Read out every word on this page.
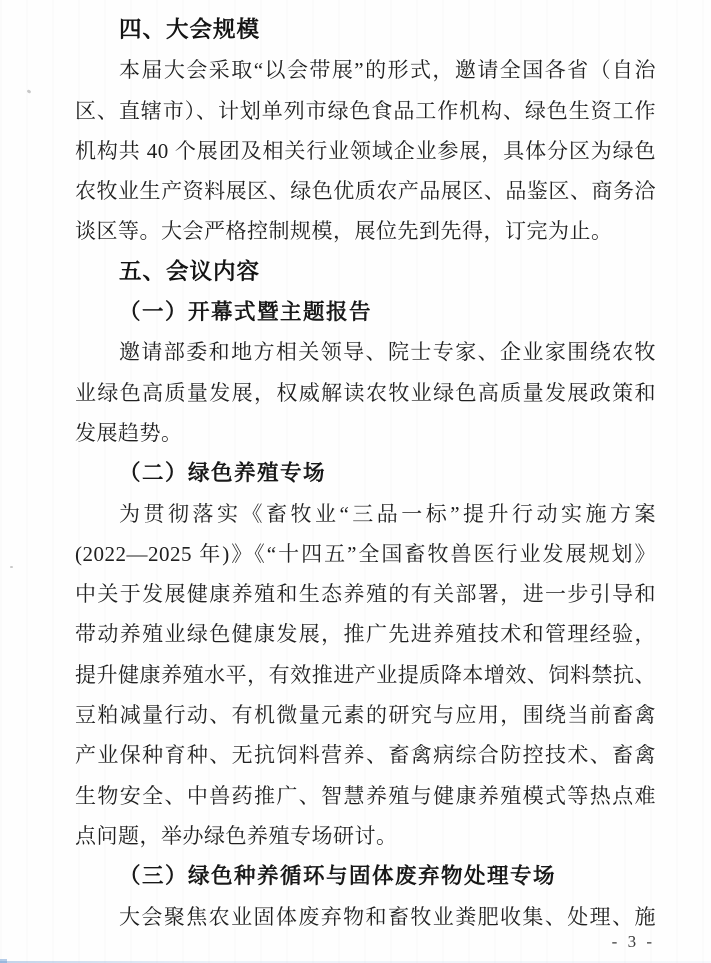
四、大会规模
本届大会采取“以会带展”的形式，邀请全国各省（自治
区、直辖市）、计划单列市绿色食品工作机构、绿色生资工作
机构共 40 个展团及相关行业领域企业参展，具体分区为绿色
农牧业生产资料展区、绿色优质农产品展区、品鉴区、商务洽
谈区等。大会严格控制规模，展位先到先得，订完为止。
五、会议内容
（一）开幕式暨主题报告
邀请部委和地方相关领导、院士专家、企业家围绕农牧
业绿色高质量发展，权威解读农牧业绿色高质量发展政策和
发展趋势。
（二）绿色养殖专场
为贯彻落实《畜牧业“三品一标”提升行动实施方案
(2022—2025 年)》《“十四五”全国畜牧兽医行业发展规划》
中关于发展健康养殖和生态养殖的有关部署，进一步引导和
带动养殖业绿色健康发展，推广先进养殖技术和管理经验，
提升健康养殖水平，有效推进产业提质降本增效、饲料禁抗、
豆粕减量行动、有机微量元素的研究与应用，围绕当前畜禽
产业保种育种、无抗饲料营养、畜禽病综合防控技术、畜禽
生物安全、中兽药推广、智慧养殖与健康养殖模式等热点难
点问题，举办绿色养殖专场研讨。
（三）绿色种养循环与固体废弃物处理专场
大会聚焦农业固体废弃物和畜牧业粪肥收集、处理、施
- 3 -
